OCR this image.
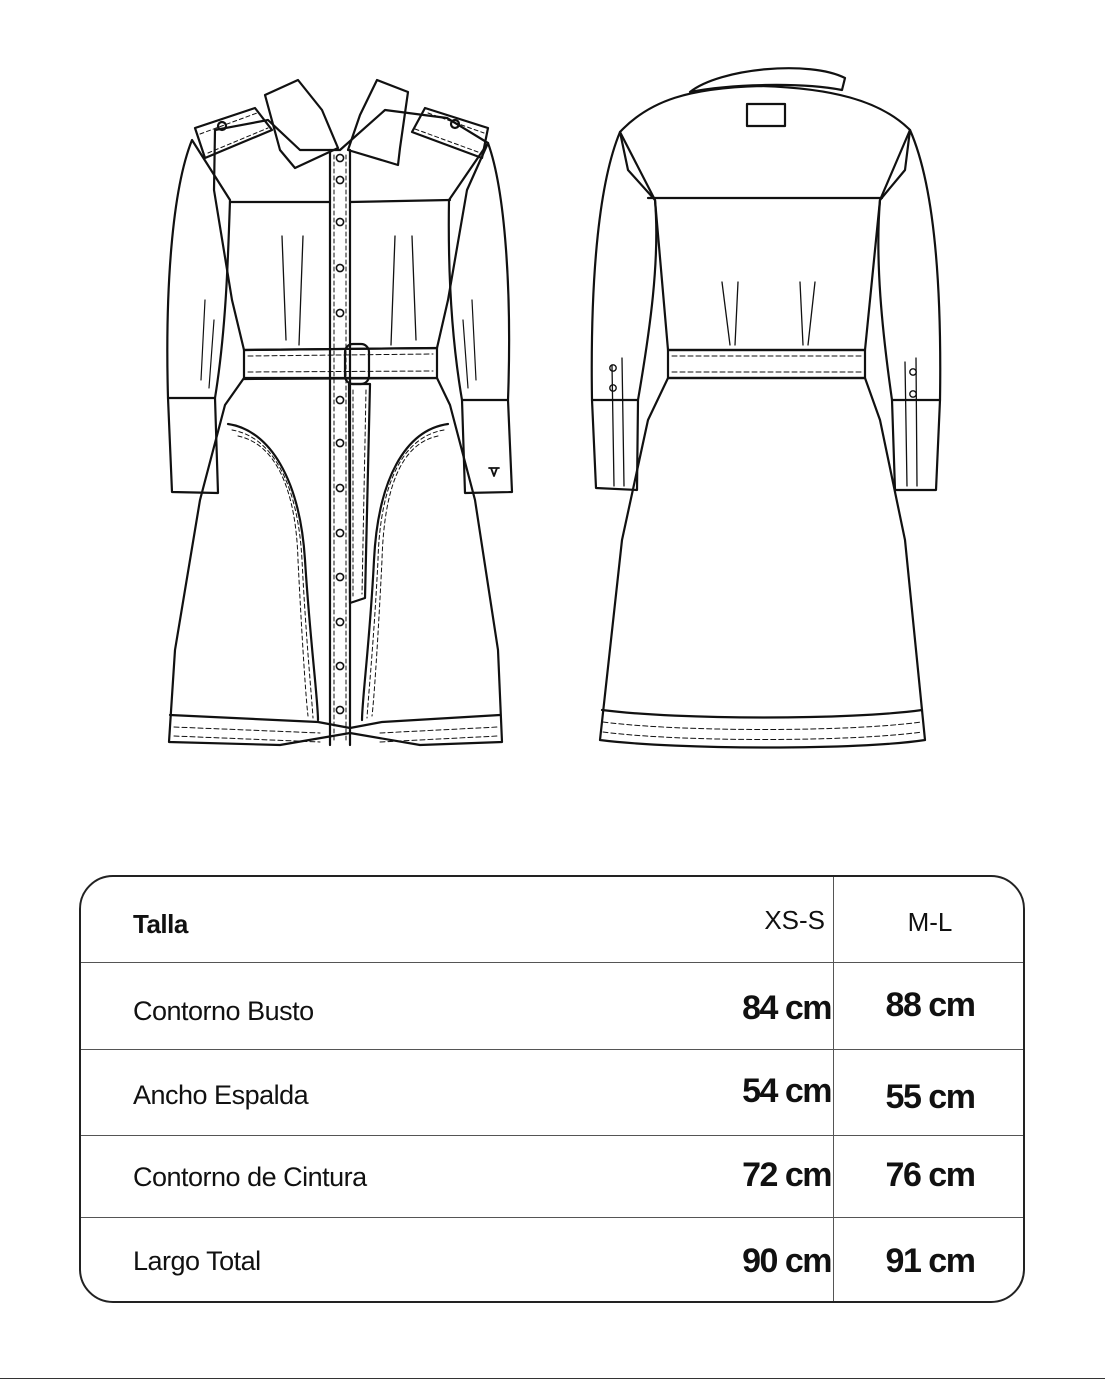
Talla	XS-S	M-L
Contorno Busto	84 cm	88 cm
Ancho Espalda	54 cm	55 cm
Contorno de Cintura	72 cm	76 cm
Largo Total	90 cm	91 cm
